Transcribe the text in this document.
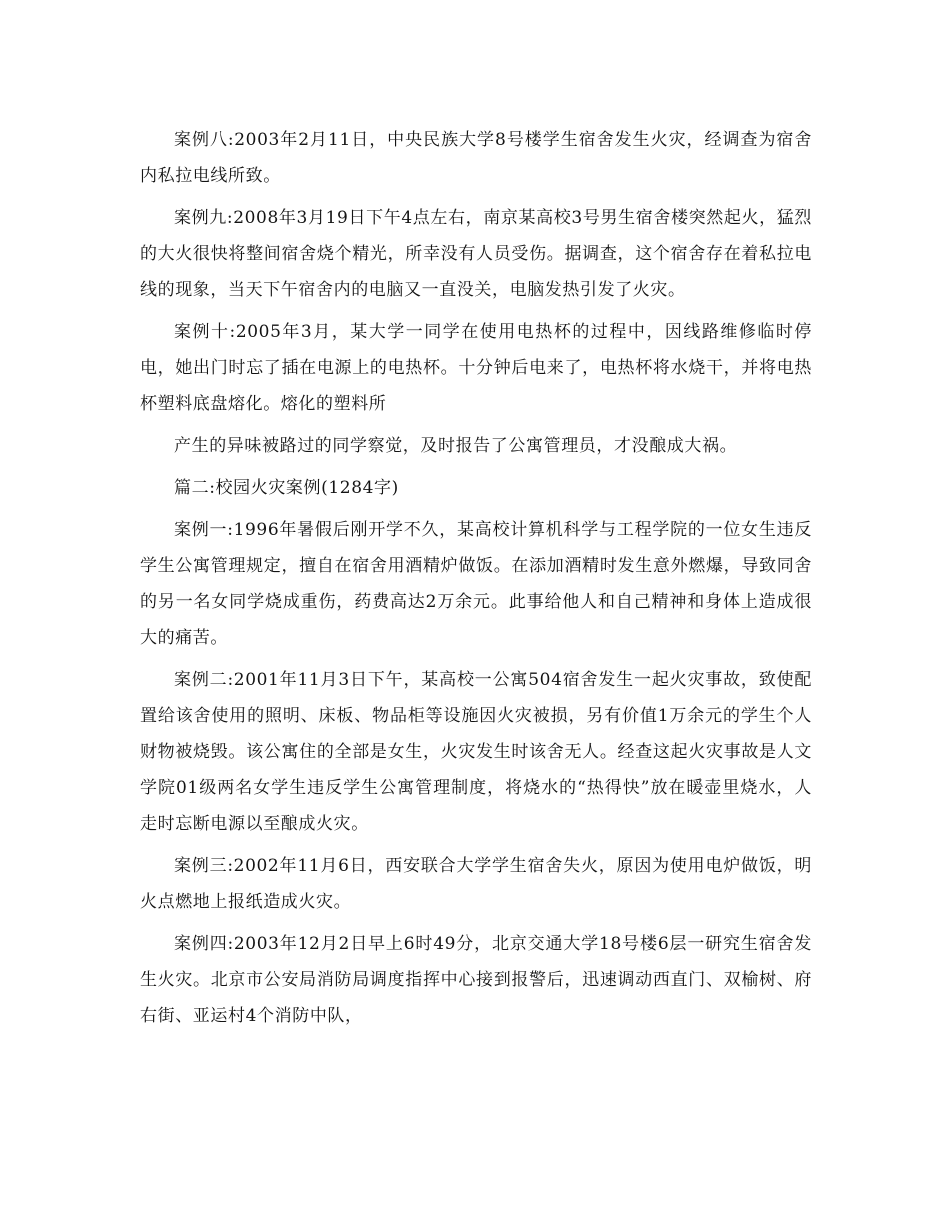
案例八:2003年2月11日，中央民族大学8号楼学生宿舍发生火灾，经调查为宿舍内私拉电线所致。

案例九:2008年3月19日下午4点左右，南京某高校3号男生宿舍楼突然起火，猛烈的大火很快将整间宿舍烧个精光，所幸没有人员受伤。据调查，这个宿舍存在着私拉电线的现象，当天下午宿舍内的电脑又一直没关，电脑发热引发了火灾。

案例十:2005年3月，某大学一同学在使用电热杯的过程中，因线路维修临时停电，她出门时忘了插在电源上的电热杯。十分钟后电来了，电热杯将水烧干，并将电热杯塑料底盘熔化。熔化的塑料所

产生的异味被路过的同学察觉，及时报告了公寓管理员，才没酿成大祸。

篇二:校园火灾案例(1284字)

案例一:1996年暑假后刚开学不久，某高校计算机科学与工程学院的一位女生违反学生公寓管理规定，擅自在宿舍用酒精炉做饭。在添加酒精时发生意外燃爆，导致同舍的另一名女同学烧成重伤，药费高达2万余元。此事给他人和自己精神和身体上造成很大的痛苦。

案例二:2001年11月3日下午，某高校一公寓504宿舍发生一起火灾事故，致使配置给该舍使用的照明、床板、物品柜等设施因火灾被损，另有价值1万余元的学生个人财物被烧毁。该公寓住的全部是女生，火灾发生时该舍无人。经查这起火灾事故是人文学院01级两名女学生违反学生公寓管理制度，将烧水的“热得快”放在暖壶里烧水，人走时忘断电源以至酿成火灾。

案例三:2002年11月6日，西安联合大学学生宿舍失火，原因为使用电炉做饭，明火点燃地上报纸造成火灾。

案例四:2003年12月2日早上6时49分，北京交通大学18号楼6层一研究生宿舍发生火灾。北京市公安局消防局调度指挥中心接到报警后，迅速调动西直门、双榆树、府右街、亚运村4个消防中队，
